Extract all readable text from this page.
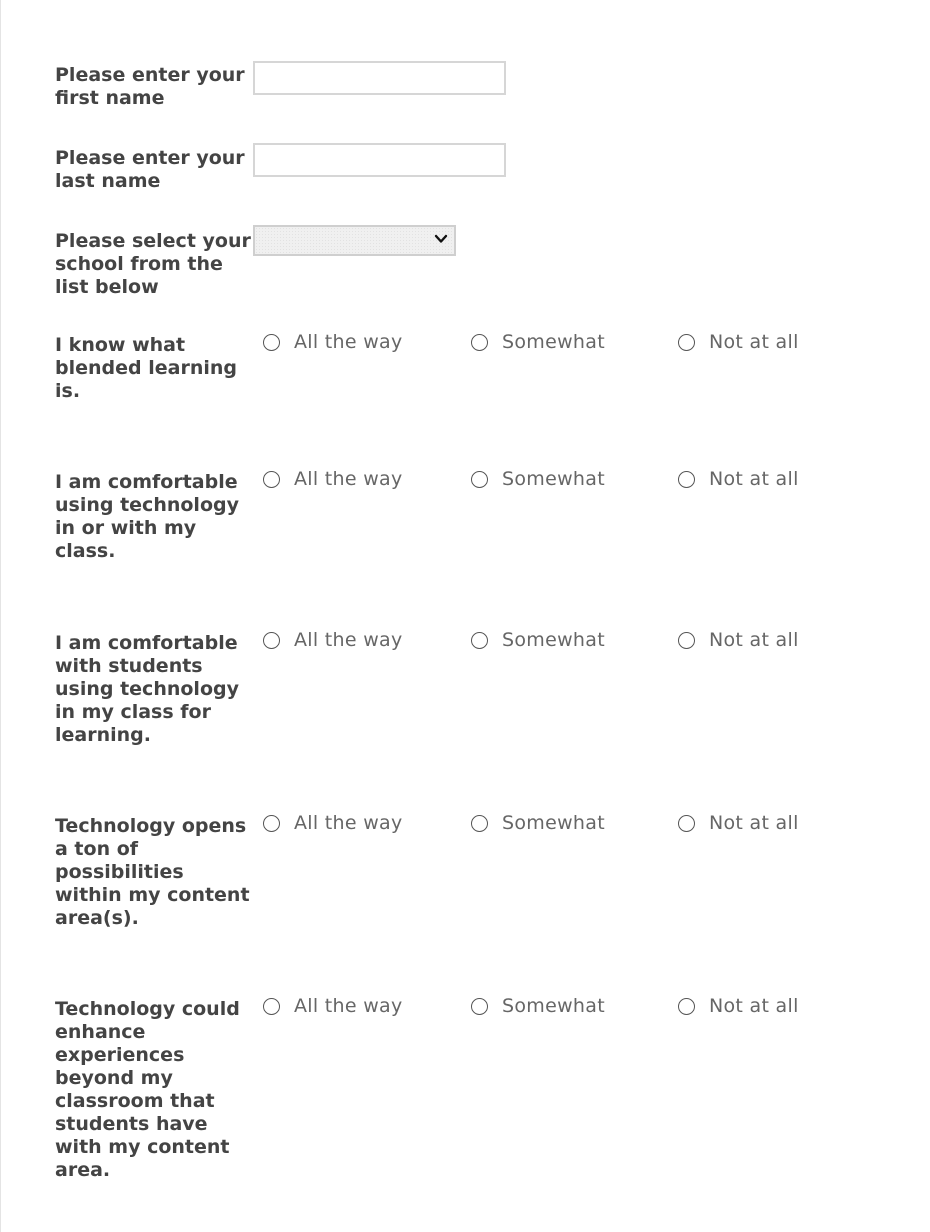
Please enter your first name
Please enter your last name
Please select your school from the list below
I know what blended learning is.
All the way	Somewhat	Not at all
I am comfortable using technology in or with my class.
All the way	Somewhat	Not at all
I am comfortable with students using technology in my class for learning.
All the way	Somewhat	Not at all
Technology opens a ton of possibilities within my content area(s).
All the way	Somewhat	Not at all
Technology could enhance experiences beyond my classroom that students have with my content area.
All the way	Somewhat	Not at all
